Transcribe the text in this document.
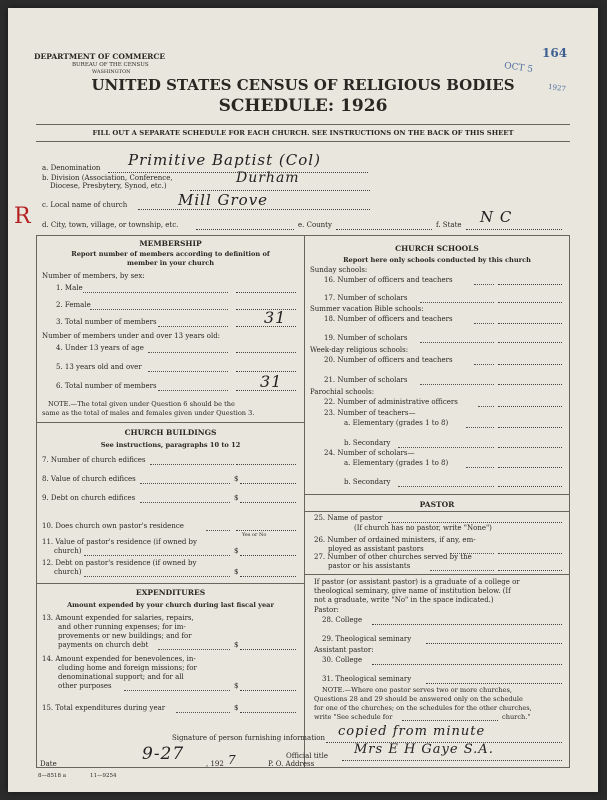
DEPARTMENT OF COMMERCE
BUREAU OF THE CENSUS
WASHINGTON
UNITED STATES CENSUS OF RELIGIOUS BODIES
SCHEDULE: 1926
FILL OUT A SEPARATE SCHEDULE FOR EACH CHURCH. SEE INSTRUCTIONS ON THE BACK OF THIS SHEET
OCT 5
164
1927
a. Denomination Primitive Baptist (Col)
b. Division (Association, Conference,
Diocese, Presbytery, Synod, etc.)	Durham
c. Local name of church	Mill Grove
R d. City, town, village, or township, etc.	e. County	f. State N C
MEMBERSHIP
Report number of members according to definition of
member in your church
Number of members, by sex:
1. Male
2. Female
3. Total number of members	31
Number of members under and over 13 years old:
4. Under 13 years of age
5. 13 years old and over
6. Total number of members	31
NOTE.—The total given under Question 6 should be the
same as the total of males and females given under Question 3.
CHURCH BUILDINGS
See instructions, paragraphs 10 to 12
7. Number of church edifices
8. Value of church edifices	$
9. Debt on church edifices	$
10. Does church own pastor's residence
Yes or No
11. Value of pastor's residence (if owned by
church)	$
12. Debt on pastor's residence (if owned by
church)	$
EXPENDITURES
Amount expended by your church during last fiscal year
13. Amount expended for salaries, repairs,
and other running expenses; for im-
provements or new buildings; and for
payments on church debt	$
14. Amount expended for benevolences, in-
cluding home and foreign missions; for
denominational support; and for all
other purposes	$
15. Total expenditures during year	$
CHURCH SCHOOLS
Report here only schools conducted by this church
Sunday schools:
16. Number of officers and teachers
17. Number of scholars
Summer vacation Bible schools:
18. Number of officers and teachers
19. Number of scholars
Week-day religious schools:
20. Number of officers and teachers
21. Number of scholars
Parochial schools:
22. Number of administrative officers
23. Number of teachers—
a. Elementary (grades 1 to 8)
b. Secondary
24. Number of scholars—
a. Elementary (grades 1 to 8)
b. Secondary
PASTOR
25. Name of pastor
(If church has no pastor, write "None")
26. Number of ordained ministers, if any, em-
ployed as assistant pastors
27. Number of other churches served by the
pastor or his assistants
If pastor (or assistant pastor) is a graduate of a college or
theological seminary, give name of institution below. (If
not a graduate, write "No" in the space indicated.)
Pastor:
28. College
29. Theological seminary
Assistant pastor:
30. College
31. Theological seminary
NOTE.—Where one pastor serves two or more churches,
Questions 28 and 29 should be answered only on the schedule
for one of the churches; on the schedules for the other churches,
write "See schedule for	church."
Signature of person furnishing information copied from minute
Official title Mrs E H Gaye S.A.
Date	9-27	, 192 7	P. O. Address
8—8518 a	11—9254
